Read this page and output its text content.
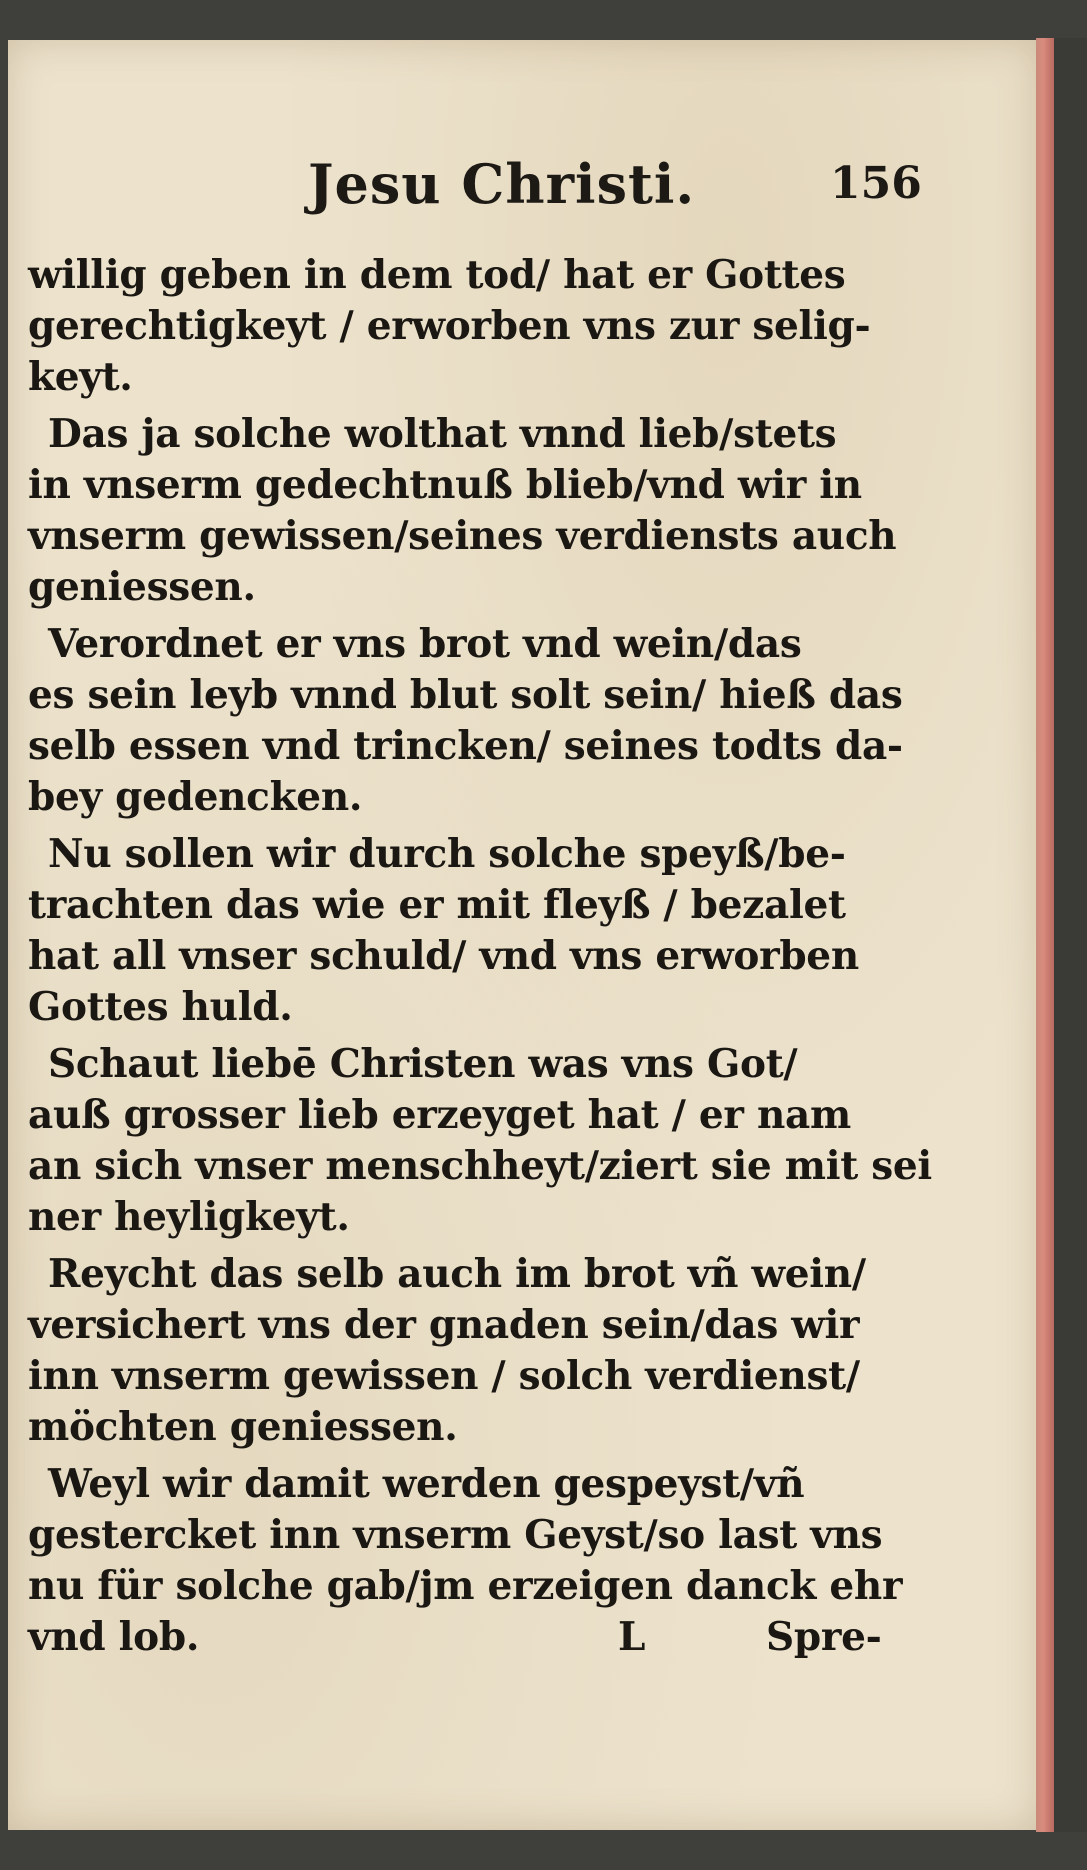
Jesu Christi.	156
willig geben in dem tod/ hat er Gottes
gerechtigkeyt / erworben vns zur selig-
keyt.
Das ja solche wolthat vnnd lieb/stets
in vnserm gedechtnuß blieb/vnd wir in
vnserm gewissen/seines verdiensts auch
geniessen.
Verordnet er vns brot vnd wein/das
es sein leyb vnnd blut solt sein/ hieß das
selb essen vnd trincken/ seines todts da-
bey gedencken.
Nu sollen wir durch solche speyß/be-
trachten das wie er mit fleyß / bezalet
hat all vnser schuld/ vnd vns erworben
Gottes huld.
Schaut liebē Christen was vns Got/
auß grosser lieb erzeyget hat / er nam
an sich vnser menschheyt/ziert sie mit sei
ner heyligkeyt.
Reycht das selb auch im brot vñ wein/
versichert vns der gnaden sein/das wir
inn vnserm gewissen / solch verdienst/
möchten geniessen.
Weyl wir damit werden gespeyst/vñ
gestercket inn vnserm Geyst/so last vns
nu für solche gab/jm erzeigen danck ehr
vnd lob.	L	Spre-
